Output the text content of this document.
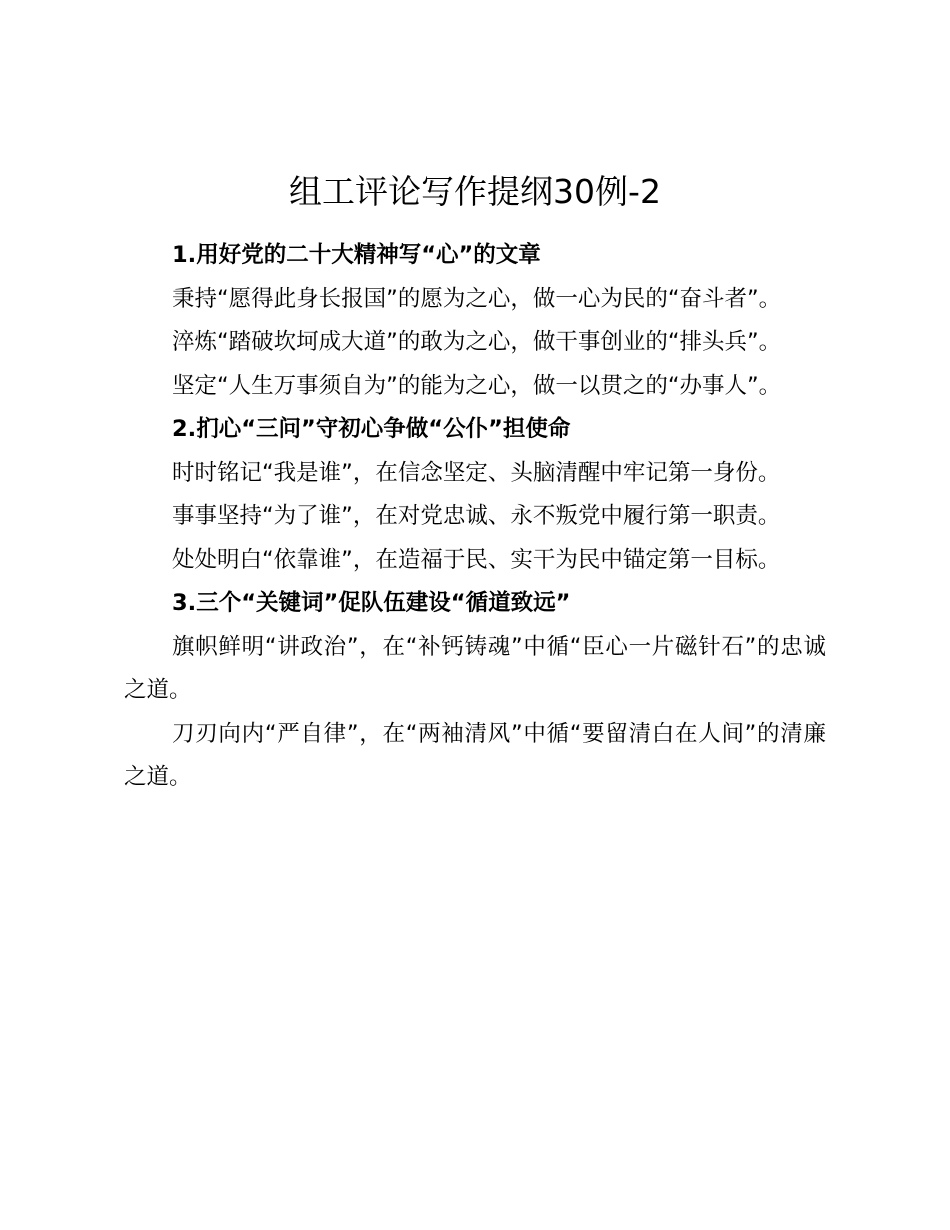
组工评论写作提纲30例-2

1.用好党的二十大精神写“心”的文章

秉持“愿得此身长报国”的愿为之心，做一心为民的“奋斗者”。

淬炼“踏破坎坷成大道”的敢为之心，做干事创业的“排头兵”。

坚定“人生万事须自为”的能为之心，做一以贯之的“办事人”。

2.扪心“三问”守初心争做“公仆”担使命

时时铭记“我是谁”，在信念坚定、头脑清醒中牢记第一身份。

事事坚持“为了谁”，在对党忠诚、永不叛党中履行第一职责。

处处明白“依靠谁”，在造福于民、实干为民中锚定第一目标。

3.三个“关键词”促队伍建设“循道致远”

旗帜鲜明“讲政治”，在“补钙铸魂”中循“臣心一片磁针石”的忠诚之道。

刀刃向内“严自律”，在“两袖清风”中循“要留清白在人间”的清廉之道。
